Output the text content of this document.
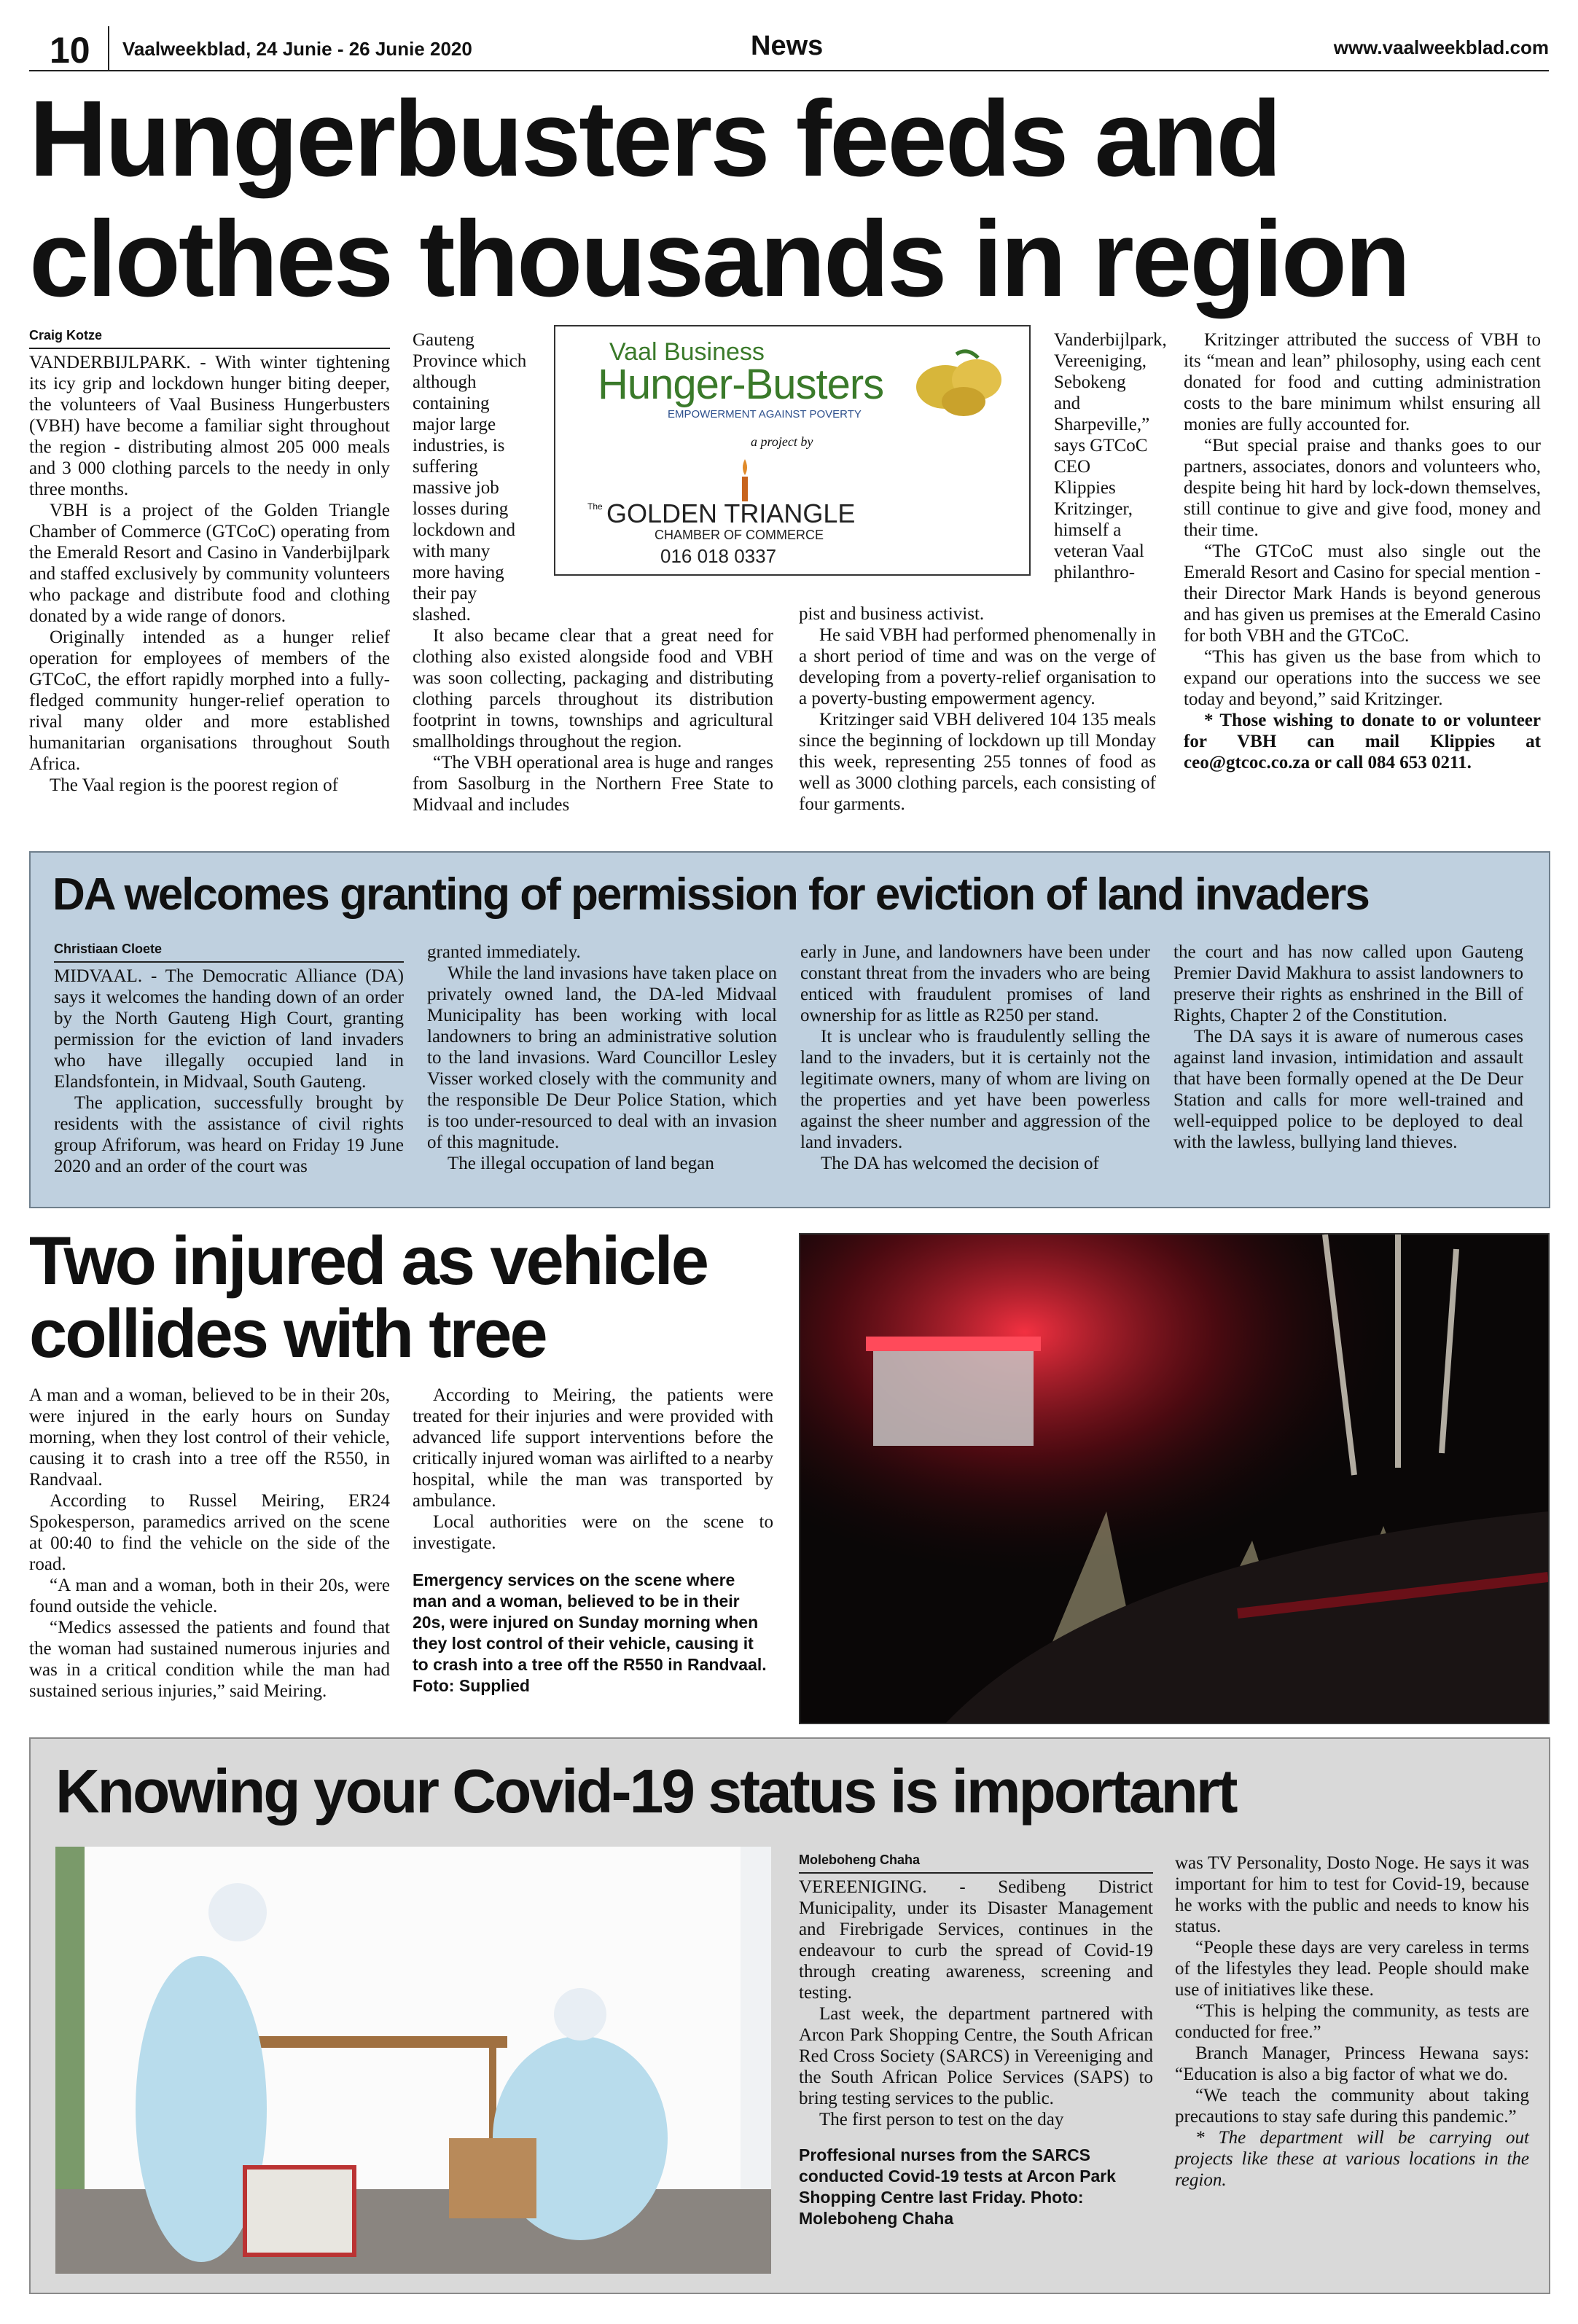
10 Vaalweekblad, 24 Junie - 26 Junie 2020	News	www.vaalweekblad.com
Hungerbusters feeds and
clothes thousands in region
Craig Kotze

VANDERBIJLPARK. - With winter tightening its icy grip and lockdown hunger biting deeper, the volunteers of Vaal Business Hungerbusters (VBH) have become a familiar sight throughout the region - distributing almost 205 000 meals and 3 000 clothing parcels to the needy in only three months.

VBH is a project of the Golden Triangle Chamber of Commerce (GTCoC) operating from the Emerald Resort and Casino in Vanderbijlpark and staffed exclusively by community volunteers who package and distribute food and clothing donated by a wide range of donors.

Originally intended as a hunger relief operation for employees of members of the GTCoC, the effort rapidly morphed into a fully-fledged community hunger-relief operation to rival many older and more established humanitarian organisations throughout South Africa.

The Vaal region is the poorest region of

Gauteng Province which although containing major large industries, is suffering massive job losses during lockdown and with many more having their pay slashed.

Vaal Business
Hunger-Busters
EMPOWERMENT AGAINST POVERTY
a project by
The GOLDEN TRIANGLE
CHAMBER OF COMMERCE
016 018 0337

Vanderbijlpark, Vereeniging, Sebokeng and Sharpeville,” says GTCoC CEO Klippies Kritzinger, himself a veteran Vaal philanthro-

It also became clear that a great need for clothing also existed alongside food and VBH was soon collecting, packaging and distributing clothing parcels throughout its distribution footprint in towns, townships and agricultural smallholdings throughout the region.

“The VBH operational area is huge and ranges from Sasolburg in the Northern Free State to Midvaal and includes

pist and business activist.

He said VBH had performed phenomenally in a short period of time and was on the verge of developing from a poverty-relief organisation to a poverty-busting empowerment agency.

Kritzinger said VBH delivered 104 135 meals since the beginning of lockdown up till Monday this week, representing 255 tonnes of food as well as 3000 clothing parcels, each consisting of four garments.

Kritzinger attributed the success of VBH to its “mean and lean” philosophy, using each cent donated for food and cutting administration costs to the bare minimum whilst ensuring all monies are fully accounted for.

“But special praise and thanks goes to our partners, associates, donors and volunteers who, despite being hit hard by lock-down themselves, still continue to give and give food, money and their time.

“The GTCoC must also single out the Emerald Resort and Casino for special mention - their Director Mark Hands is beyond generous and has given us premises at the Emerald Casino for both VBH and the GTCoC.

“This has given us the base from which to expand our operations into the success we see today and beyond,” said Kritzinger.

* Those wishing to donate to or volunteer for VBH can mail Klippies at ceo@gtcoc.co.za or call 084 653 0211.

DA welcomes granting of permission for eviction of land invaders
Christiaan Cloete

MIDVAAL. - The Democratic Alliance (DA) says it welcomes the handing down of an order by the North Gauteng High Court, granting permission for the eviction of land invaders who have illegally occupied land in Elandsfontein, in Midvaal, South Gauteng.

The application, successfully brought by residents with the assistance of civil rights group Afriforum, was heard on Friday 19 June 2020 and an order of the court was

granted immediately.

While the land invasions have taken place on privately owned land, the DA-led Midvaal Municipality has been working with local landowners to bring an administrative solution to the land invasions. Ward Councillor Lesley Visser worked closely with the community and the responsible De Deur Police Station, which is too under-resourced to deal with an invasion of this magnitude.

The illegal occupation of land began

early in June, and landowners have been under constant threat from the invaders who are being enticed with fraudulent promises of land ownership for as little as R250 per stand.

It is unclear who is fraudulently selling the land to the invaders, but it is certainly not the legitimate owners, many of whom are living on the properties and yet have been powerless against the sheer number and aggression of the land invaders.

The DA has welcomed the decision of

the court and has now called upon Gauteng Premier David Makhura to assist landowners to preserve their rights as enshrined in the Bill of Rights, Chapter 2 of the Constitution.

The DA says it is aware of numerous cases against land invasion, intimidation and assault that have been formally opened at the De Deur Station and calls for more well-trained and well-equipped police to be deployed to deal with the lawless, bullying land thieves.

Two injured as vehicle
collides with tree

A man and a woman, believed to be in their 20s, were injured in the early hours on Sunday morning, when they lost control of their vehicle, causing it to crash into a tree off the R550, in Randvaal.

According to Russel Meiring, ER24 Spokesperson, paramedics arrived on the scene at 00:40 to find the vehicle on the side of the road.

“A man and a woman, both in their 20s, were found outside the vehicle.

“Medics assessed the patients and found that the woman had sustained numerous injuries and was in a critical condition while the man had sustained serious injuries,” said Meiring.

According to Meiring, the patients were treated for their injuries and were provided with advanced life support interventions before the critically injured woman was airlifted to a nearby hospital, while the man was transported by ambulance.

Local authorities were on the scene to investigate.

Emergency services on the scene where man and a woman, believed to be in their 20s, were injured on Sunday morning when they lost control of their vehicle, causing it to crash into a tree off the R550 in Randvaal. Foto: Supplied
Knowing your Covid-19 status is importanrt
Moleboheng Chaha

VEREENIGING. - Sedibeng District Municipality, under its Disaster Management and Firebrigade Services, continues in the endeavour to curb the spread of Covid-19 through creating awareness, screening and testing.

Last week, the department partnered with Arcon Park Shopping Centre, the South African Red Cross Society (SARCS) in Vereeniging and the South African Police Services (SAPS) to bring testing services to the public.

The first person to test on the day

Proffesional nurses from the SARCS conducted Covid-19 tests at Arcon Park Shopping Centre last Friday. Photo: Moleboheng Chaha

was TV Personality, Dosto Noge. He says it was important for him to test for Covid-19, because he works with the public and needs to know his status.

“People these days are very careless in terms of the lifestyles they lead. People should make use of initiatives like these.

“This is helping the community, as tests are conducted for free.”

Branch Manager, Princess Hewana says: “Education is also a big factor of what we do.

“We teach the community about taking precautions to stay safe during this pandemic.”

* The department will be carrying out projects like these at various locations in the region.
